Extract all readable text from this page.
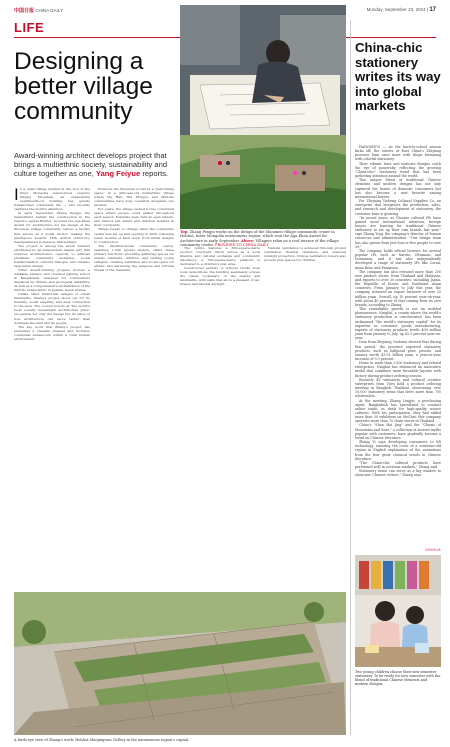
中国日报 CHINA DAILY	Monday, September 23, 2024 | 17
LIFE
Designing a better village community
Award-winning architect develops project that brings a multiethnic society, sustainability and culture together as one, Yang Feiyue reports.

In a quiet village nestled at the foot of the Inner Mongolia autonomous region's Daqing Mountain, an unassuming neighbourhood building has quietly transformed community life — and recently captured the world's attention.

In early September, Zhang Pengju, the mastermind behind the construction in the region's capital Hohhot, received the Aga Khan Award for Architecture for his design of the Shoumen village community center, a facility that serves as a social anchor, making the prestigious awards' 16th edition (2023-25), headquartered in Geneva, Switzerland.

The project is among the seven winners shortlisted by an independent master jury that explores architecture's capacity to address pluralism, community resilience, social transformation, cultural dialogue and climate-responsive design.

Other award-winning projects include a walkable bamboo and riverbed gaming school in Bangladesh, designed for communities displaced by climate and geological instability, as well as a comprehensive revitalization of the historic urban fabric in Jeddah, Saudi Arabia.

Unlike other traditional designs of urban landmarks, Zhang's project stood out for its humility, social empathy, and deep connection to the area. The council honors as "the world's most socially meaningful architecture prize" recognizes not only the design but its ethos of how architecture can serve rather than dominate the land and its people.

The key word that Zhang's project has presented a sizeable channel and inclusive communal endeavours within a rural human environment.

However, the Shoumen would be a "performing space" in a 400-year-old multiethnic village where the Han, Hui Mongol, and Manchu communities have long coexisted alongside one another.

For years, the village lacked a true communal space where people could gather throughout each season. Festivals were held in open streets, and visitors left elders and children isolated in their courtyards.

Things began to change when the community centre was set up and opening in 2020, following seven months of hard work, from initial designs to construction.

The multifunctional community centre, spanning 1,200 square meters, offers three primary functions: providing gathering spaces for elderly residents, children, and visiting young villagers; creating exhibition and social space for artists; and advancing the religious and cultural rituals of the residents.

The centre features a 600-square-metre product courtyard which serves as a local lifestyle and cultural exchange and community laboratory. A 700-square-metre platform is dedicated to a children's play area.

Constructed entirely of leftover bricks from local demolitions, the building seamlessly echoes the visual vocabulary of the nearby ash landmarks, with walls that allow a pleasant cross-breeze and natural daylight.

Natural ventilation is achieved through ground ventilation, thermal chambers, and seasonal sunlight protection. Unique ventilation towers also provide play spaces for children.

Top: Zhang Pengju works on the design of the Shoumen village community center in Hohhot, Inner Mongolia autonomous region, which won the Aga Khan Award for Architecture in early September. Above: Villagers relax on a roof terrace of the village community center. PROVIDED TO CHINA DAILY
A birds-eye view of Zhang's work: Hohhot Shuijingwan Gallery in the autonomous region's capital.
China-chic stationery writes its way into global markets

HANGZHOU — As the back-to-school season kicks off, the streets of East China's Zhejiang province hum once more with shops brimming with colorful stationery.

Their vibrant hues and intricate designs catch the eye of passersby, reflecting the growing "China-chic" stationery trend that has been gathering attention around the world.

This unique blend of traditional Chinese elements and modern designs has not only captured the hearts of domestic consumers but has also become a new favorite among international buyers.

For Zhejiang Yizheng Cultural Supplies Co, an enterprise that integrates the production, sales, and research and development of stationery, the customer base is growing.

"In recent years, as Chinese cultural IPs have gained more international attention, foreign buyers are hunting for traditional Chinese stationery to set up their own brands last year," says Zhang Ying, the company's director of human resources and administration. "Our design team has also grown from just four or five people to over 30."

The company holds official licenses for several popular IPs, such as Naruto, Ultraman, and Doraemon, and it has also independently developed a range of stationery IPs like Coran, Anna Bear, and Panasonic.

The company has also released more than 200 new product series, from Thailand and Malaysia, and exports to over 30 countries, including Japan, the Republic of Korea, and Southeast Asian countries. From January to July this year, the company achieved an export turnover of over 20 million yuan. Overall, up 10 percent year-on-year, with about 40 percent of that coming from its own brands, according to Zhang.

This remarkable growth is not an isolated phenomenon. Ninghai, a county where the world's stationery production is concentrated, has been nicknamed "the world's stationery capital" for its expertise in consumer goods manufacturing, exports of stationery products worth 400 million yuan from January to July, up 42.2 percent year-on-year.

Data from Zhejiang Customs showed that during this period, the province exported stationery products, such as ballpoint pens, pencils, and erasers worth $3.91 billion yuan, a year-on-year increase of 9.3 percent.

Home to more than 2,000 stationery and related enterprises, Ninghai has embraced an innovative model that combines more favorable layouts with factory during product ordering season.

Recently 45 stationery and cultural creative enterprises from Yiwu held a product ordering meeting in Bangkok, Thailand, showcasing over 10,000 stationery items that drew more than 700 wholesalers.

At the meeting, Zhang Lingjie, a purchasing agent, Bangladesh has specialized to conduct online trade, as deals for high-quality source cultures. With his participation, they had added more than 30 exhibitors on WeChat. Her company operates more than 70 chain stores in Thailand.

China's "Shan Hai Jing" and the "Classic of Mountains and Seas," a collection of ancient myths popular with customers, have gradually become a trend on Chinese literature.

Zhang Yi says developing consumers to lift technology, ensuring the cover of a centuries-old region in English explanation of the animations from the four great classical novels in Chinese literature.

"The China-chic cultural products have performed well in overseas markets," Zhang said.

Stationery items can serve as a big window to showcase Chinese culture," Zhang says.

XINHUA
Two young children choose their new semester stationery. To be ready for new semester with the blend of traditional Chinese elements and modern designs.
